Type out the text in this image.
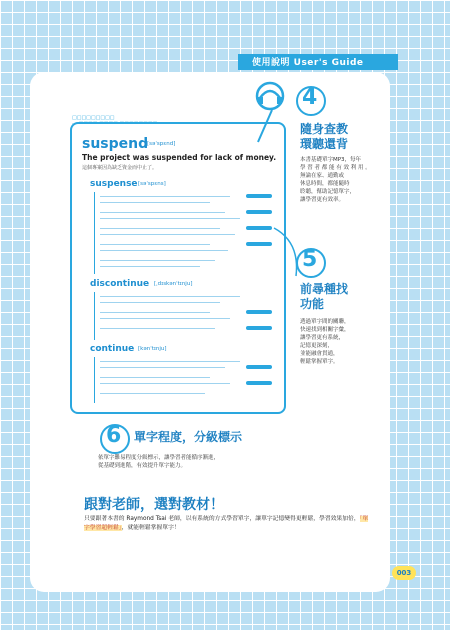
使用說明 User's Guide
□□□□□□□□□
suspend
[səˈspɛnd]
The project was suspended for lack of money.
這個專案因為缺乏資金而中止了。
suspense [səˈspɛns]
discontinue [ˌdɪskənˈtɪnju]
continue [kənˈtɪnju]
4
隨身查教
環聽還背
本書基礎單字MP3，每年
學 習 者 都 能 有 效 利 用 。
無論在家、通勤或
休息時間，都能隨時
聆聽，幫助記憶單字，
讓學習更有效率。
5
前尋種找
功能
透過單字間的關聯，
快速找到相關字彙，
讓學習更有系統，
記憶更深刻，
並能融會貫通，
輕鬆掌握單字。
6 單字程度，分級標示
依單字難易程度分級標示，讓學習者能循序漸進，
從基礎到進階，有效提升單字能力。
跟對老師，選對教材！
只要跟著本書的 Raymond Tsai 老師，以有系統的方式學習單字，讓單字記憶變得更輕鬆，學習效果加倍，「單字學習超輕鬆」，就能輕鬆掌握單字！
003
